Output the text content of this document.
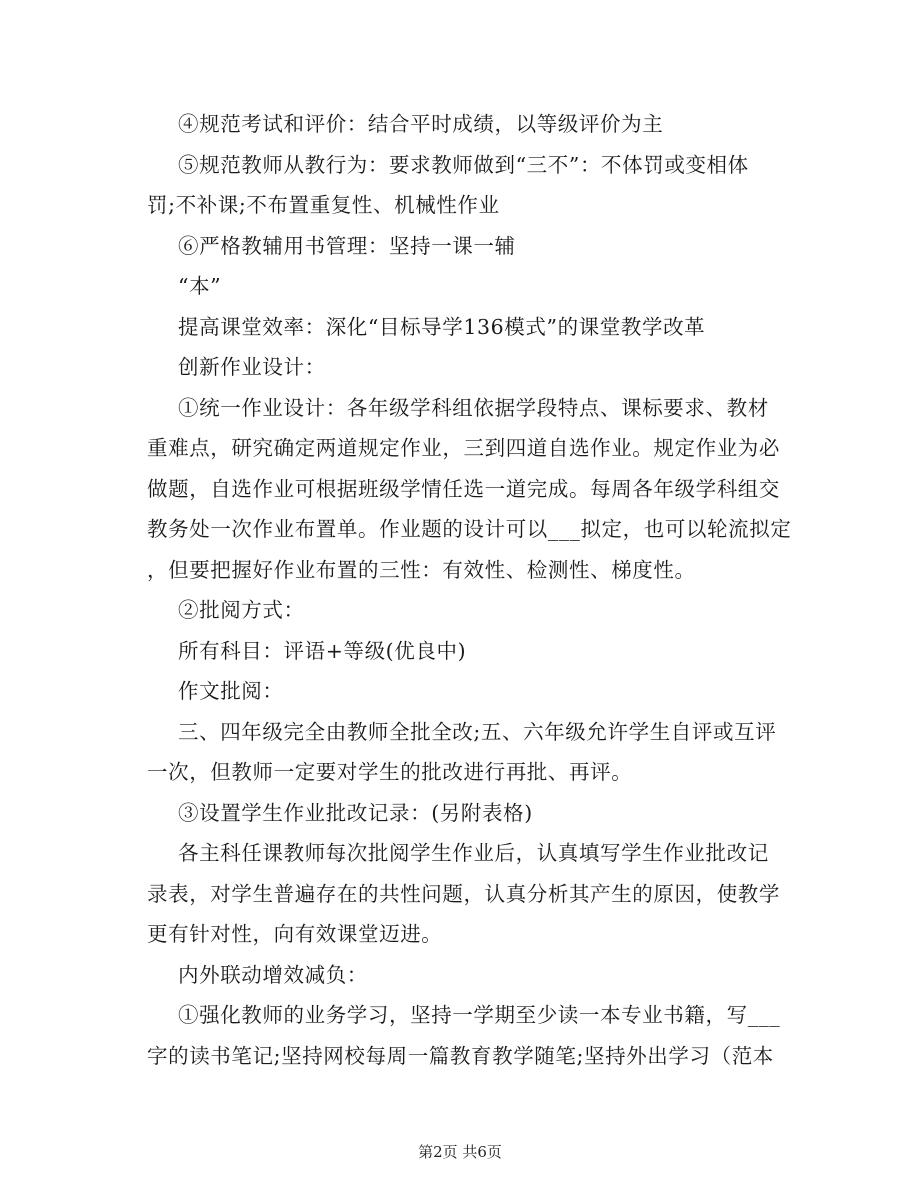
④规范考试和评价：结合平时成绩，以等级评价为主
⑤规范教师从教行为：要求教师做到“三不”：不体罚或变相体
罚;不补课;不布置重复性、机械性作业
⑥严格教辅用书管理：坚持一课一辅
“本”
提高课堂效率：深化“目标导学136模式”的课堂教学改革
创新作业设计：
①统一作业设计：各年级学科组依据学段特点、课标要求、教材
重难点，研究确定两道规定作业，三到四道自选作业。规定作业为必
做题，自选作业可根据班级学情任选一道完成。每周各年级学科组交
教务处一次作业布置单。作业题的设计可以___拟定，也可以轮流拟定
，但要把握好作业布置的三性：有效性、检测性、梯度性。
②批阅方式：
所有科目：评语+等级(优良中)
作文批阅：
三、四年级完全由教师全批全改;五、六年级允许学生自评或互评
一次，但教师一定要对学生的批改进行再批、再评。
③设置学生作业批改记录：(另附表格)
各主科任课教师每次批阅学生作业后，认真填写学生作业批改记
录表，对学生普遍存在的共性问题，认真分析其产生的原因，使教学
更有针对性，向有效课堂迈进。
内外联动增效减负：
①强化教师的业务学习，坚持一学期至少读一本专业书籍，写___
字的读书笔记;坚持网校每周一篇教育教学随笔;坚持外出学习（范本
第2页 共6页
